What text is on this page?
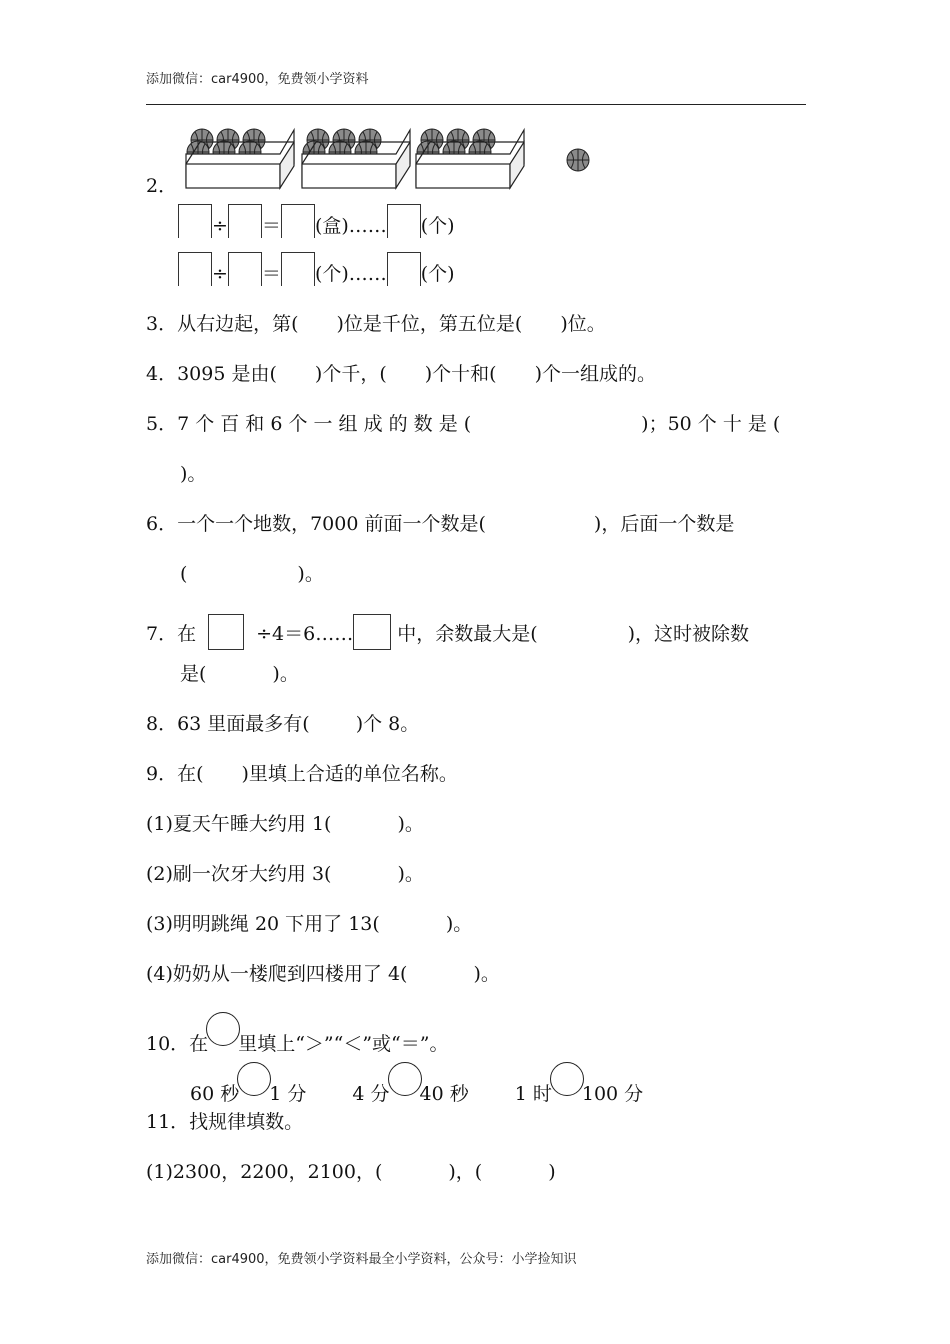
添加微信：car4900，免费领小学资料
添加微信：car4900，免费领小学资料最全小学资料，公众号：小学捡知识
2．
÷ ＝ (盒)…… (个)
÷ ＝ (个)…… (个)
3．从右边起，第( )位是千位，第五位是( )位。
4．3095 是由( )个千，( )个十和( )个一组成的。
5．7 个 百 和 6 个 一 组 成 的 数 是 (	)；50 个 十 是 (
)。
6．一个一个地数，7000 前面一个数是(	)，后面一个数是
(	)。
7．在	÷4＝6…… 中，余数最大是(	)，这时被除数
是(	)。
8．63 里面最多有( )个 8。
9．在( )里填上合适的单位名称。
(1)夏天午睡大约用 1(	)。
(2)刷一次牙大约用 3(	)。
(3)明明跳绳 20 下用了 13(	)。
(4)奶奶从一楼爬到四楼用了 4(	)。
10．在 里填上“＞”“＜”或“＝”。
60 秒 1 分 4 分 40 秒 1 时 100 分
11．找规律填数。
(1)2300，2200，2100，(	)，(	)
